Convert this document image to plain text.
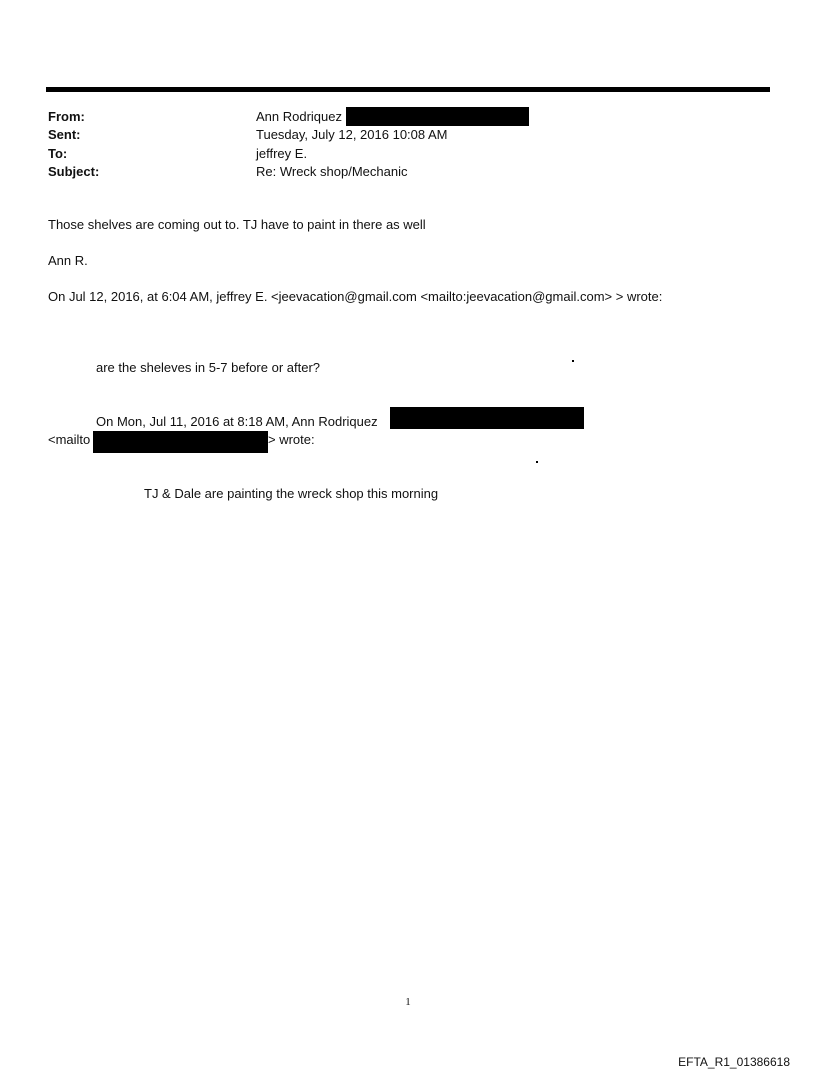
From:	Ann Rodriquez
Sent:	Tuesday, July 12, 2016 10:08 AM
To:	jeffrey E.
Subject:	Re: Wreck shop/Mechanic
Those shelves are coming out to. TJ have to paint in there as well
Ann R.
On Jul 12, 2016, at 6:04 AM, jeffrey E. <jeevacation@gmail.com <mailto:jeevacation@gmail.com> > wrote:
are the sheleves in 5-7 before or after?
On Mon, Jul 11, 2016 at 8:18 AM, Ann Rodriquez
<mailto	> wrote:
TJ & Dale are painting the wreck shop this morning
1
EFTA_R1_01386618
